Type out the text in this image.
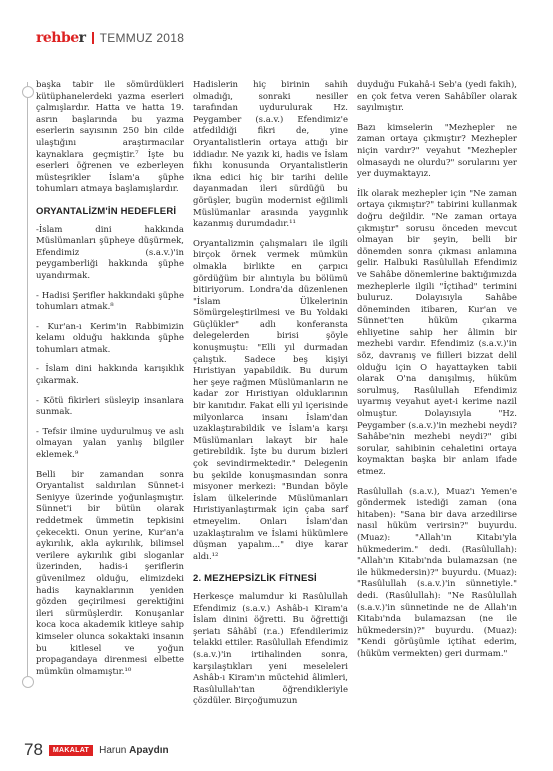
rehber TEMMUZ 2018

başka tabir ile sömürdükleri kütüphanelerdeki yazma eserleri çalmışlardır. Hatta ve hatta 19. asrın başlarında bu yazma eserlerin sayısının 250 bin cilde ulaştığını araştırmacılar kaynaklara geçmiştir.⁷ İşte bu eserleri öğrenen ve ezberleyen müsteşrikler İslam'a şüphe tohumları atmaya başlamışlardır.

ORYANTALİZM'İN HEDEFLERİ

-İslam dini hakkında Müslümanları şüpheye düşürmek, Efendimiz (s.a.v.)'in peygamberliği hakkında şüphe uyandırmak.

- Hadisi Şerifler hakkındaki şüphe tohumları atmak.⁸

- Kur'an-ı Kerim'in Rabbimizin kelamı olduğu hakkında şüphe tohumları atmak.

- İslam dini hakkında karışıklık çıkarmak.

- Kötü fikirleri süsleyip insanlara sunmak.

- Tefsir ilmine uydurulmuş ve aslı olmayan yalan yanlış bilgiler eklemek.⁹

Belli bir zamandan sonra Oryantalist saldırılan Sünnet-i Seniyye üzerinde yoğunlaşmıştır. Sünnet'i bir bütün olarak reddetmek ümmetin tepkisini çekecekti. Onun yerine, Kur'an'a aykırılık, akla aykırılık, bilimsel verilere aykırılık gibi sloganlar üzerinden, hadis-i şeriflerin güvenilmez olduğu, elimizdeki hadis kaynaklarının yeniden gözden geçirilmesi gerektiğini ileri sürmüşlerdir. Konuşanlar koca koca akademik kitleye sahip kimseler olunca sokaktaki insanın bu kitlesel ve yoğun propagandaya direnmesi elbette mümkün olmamıştır.¹⁰

Hadislerin hiç birinin sahih olmadığı, sonraki nesiller tarafından uydurulurak Hz. Peygamber (s.a.v.) Efendimiz'e atfedildiği fikri de, yine Oryantalistlerin ortaya attığı bir iddiadır. Ne yazık ki, hadis ve İslam fıkhı konusunda Oryantalistlerin ikna edici hiç bir tarihi delile dayanmadan ileri sürdüğü bu görüşler, bugün modernist eğilimli Müslümanlar arasında yaygınlık kazanmış durumdadır.¹¹

Oryantalizmin çalışmaları ile ilgili birçok örnek vermek mümkün olmakla birlikte en çarpıcı gördüğüm bir alıntıyla bu bölümü bitiriyorum. Londra'da düzenlenen "İslam Ülkelerinin Sömürgeleştirilmesi ve Bu Yoldaki Güçlükler" adlı konferansta delegelerden birisi şöyle konuşmuştu: "Elli yıl durmadan çalıştık. Sadece beş kişiyi Hıristiyan yapabildik. Bu durum her şeye rağmen Müslümanların ne kadar zor Hıristiyan olduklarının bir kanıtıdır. Fakat elli yıl içerisinde milyonlarca insanı İslam'dan uzaklaştırabildik ve İslam'a karşı Müslümanları lakayt bir hale getirebildik. İşte bu durum bizleri çok sevindirmektedir." Delegenin bu şekilde konuşmasından sonra misyoner merkezi: "Bundan böyle İslam ülkelerinde Müslümanları Hıristiyanlaştırmak için çaba sarf etmeyelim. Onları İslam'dan uzaklaştıralım ve İslami hükümlere düşman yapalım..." diye karar aldı.¹²

2. MEZHEPSİZLİK FİTNESİ

Herkesçe malumdur ki Rasûlullah Efendimiz (s.a.v.) Ashâb-ı Kiram'a İslam dinini öğretti. Bu öğrettiği şeriatı Sâhâbî (r.a.) Efendilerimiz telakki ettiler. Rasûlullah Efendimiz (s.a.v.)'in irtihalinden sonra, karşılaştıkları yeni meseleleri Ashâb-ı Kiram'ın müctehid âlimleri, Rasûlullah'tan öğrendikleriyle çözdüler. Birçoğumuzun

duyduğu Fukahâ-i Seb'a (yedi fakih), en çok fetva veren Sahâbîler olarak sayılmıştır.

Bazı kimselerin "Mezhepler ne zaman ortaya çıkmıştır? Mezhepler niçin vardır?" veyahut "Mezhepler olmasaydı ne olurdu?" sorularını yer yer duymaktayız.

İlk olarak mezhepler için "Ne zaman ortaya çıkmıştır?" tabirini kullanmak doğru değildir. "Ne zaman ortaya çıkmıştır" sorusu önceden mevcut olmayan bir şeyin, belli bir dönemden sonra çıkması anlamına gelir. Halbuki Rasûlullah Efendimiz ve Sahâbe dönemlerine baktığımızda mezheplerle ilgili "İçtihad" terimini buluruz. Dolayısıyla Sahâbe döneminden itibaren, Kur'an ve Sünnet'ten hüküm çıkarma ehliyetine sahip her âlimin bir mezhebi vardır. Efendimiz (s.a.v.)'in söz, davranış ve fiilleri bizzat delil olduğu için O hayattayken tabii olarak O'na danışılmış, hüküm sorulmuş, Rasûlullah Efendimiz uyarmış veyahut ayet-i kerime nazil olmuştur. Dolayısıyla "Hz. Peygamber (s.a.v.)'in mezhebi neydi? Sahâbe'nin mezhebi neydi?" gibi sorular, sahibinin cehaletini ortaya koymaktan başka bir anlam ifade etmez.

Rasûlullah (s.a.v.), Muaz'ı Yemen'e göndermek istediği zaman (ona hitaben): "Sana bir dava arzedilirse nasıl hüküm verirsin?" buyurdu. (Muaz): "Allah'ın Kitabı'yla hükmederim." dedi. (Rasûlullah): "Allah'ın Kitabı'nda bulamazsan (ne ile hükmedersin)?" buyurdu. (Muaz): "Rasûlullah (s.a.v.)'in sünnetiyle." dedi. (Rasûlullah): "Ne Rasûlullah (s.a.v.)'in sünnetinde ne de Allah'ın Kitabı'nda bulamazsan (ne ile hükmedersin)?" buyurdu. (Muaz): "Kendi görüşümle içtihat ederim, (hüküm vermekten) geri durmam."

78	MAKALAT	Harun Apaydın
